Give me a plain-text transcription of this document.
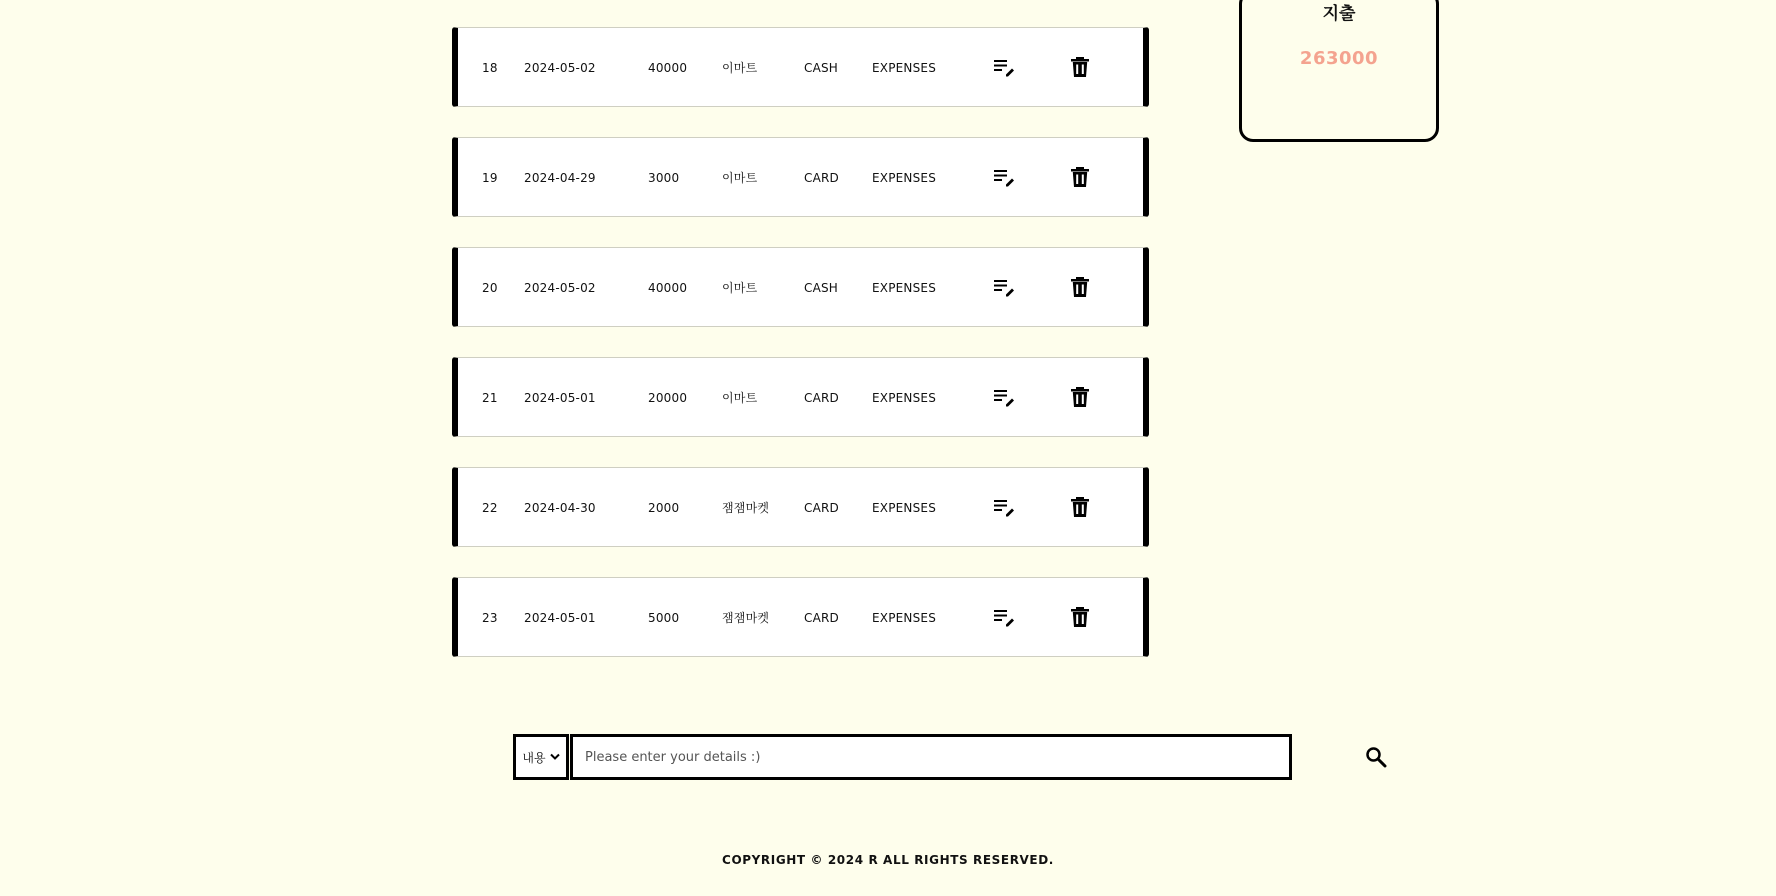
지출
263000
18 2024-05-02	40000	이마트	CASH	EXPENSES
19 2024-04-29	3000	이마트	CARD	EXPENSES
20 2024-05-02	40000	이마트	CASH	EXPENSES
21 2024-05-01	20000	이마트	CARD	EXPENSES
22 2024-04-30	2000	잼잼마켓	CARD	EXPENSES
23 2024-05-01	5000	잼잼마켓	CARD	EXPENSES
내용
Please enter your details :)
COPYRIGHT © 2024 R ALL RIGHTS RESERVED.
